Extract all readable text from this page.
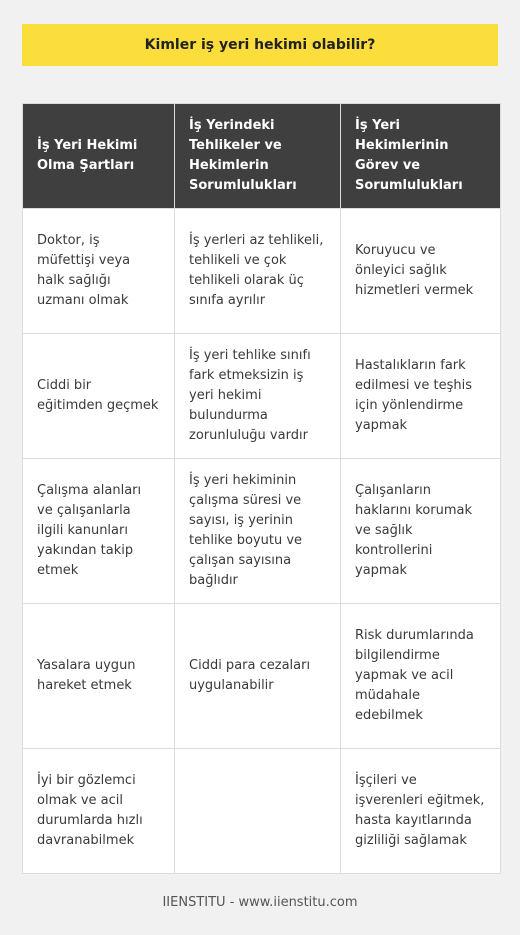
Kimler iş yeri hekimi olabilir?
İş Yeri Hekimi Olma Şartları	İş Yerindeki Tehlikeler ve Hekimlerin Sorumlulukları	İş Yeri Hekimlerinin Görev ve Sorumlulukları
Doktor, iş müfettişi veya halk sağlığı uzmanı olmak	İş yerleri az tehlikeli, tehlikeli ve çok tehlikeli olarak üç sınıfa ayrılır	Koruyucu ve önleyici sağlık hizmetleri vermek
Ciddi bir eğitimden geçmek	İş yeri tehlike sınıfı fark etmeksizin iş yeri hekimi bulundurma zorunluluğu vardır	Hastalıkların fark edilmesi ve teşhis için yönlendirme yapmak
Çalışma alanları ve çalışanlarla ilgili kanunları yakından takip etmek	İş yeri hekiminin çalışma süresi ve sayısı, iş yerinin tehlike boyutu ve çalışan sayısına bağlıdır	Çalışanların haklarını korumak ve sağlık kontrollerini yapmak
Yasalara uygun hareket etmek	Ciddi para cezaları uygulanabilir	Risk durumlarında bilgilendirme yapmak ve acil müdahale edebilmek
İyi bir gözlemci olmak ve acil durumlarda hızlı davranabilmek		İşçileri ve işverenleri eğitmek, hasta kayıtlarında gizliliği sağlamak
IIENSTITU - www.iienstitu.com
